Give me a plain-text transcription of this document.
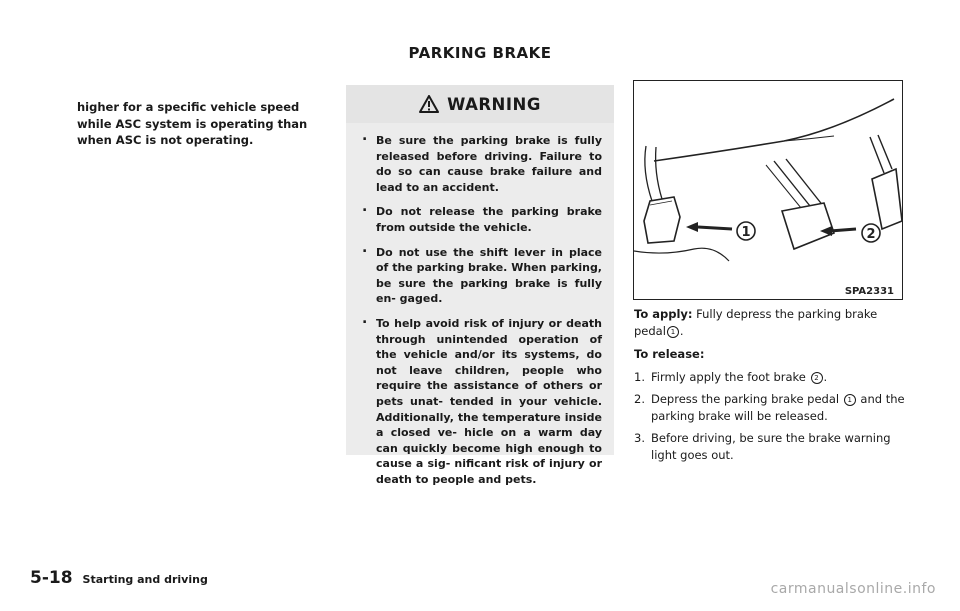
PARKING BRAKE
higher for a specific vehicle speed while ASC system is operating than when ASC is not operating.
WARNING
. Be sure the parking brake is fully released before driving. Failure to do so can cause brake failure and lead to an accident.
. Do not release the parking brake from outside the vehicle.
. Do not use the shift lever in place of the parking brake. When parking, be sure the parking brake is fully en- gaged.
. To help avoid risk of injury or death through unintended operation of the vehicle and/or its systems, do not leave children, people who require the assistance of others or pets unat- tended in your vehicle. Additionally, the temperature inside a closed ve- hicle on a warm day can quickly become high enough to cause a sig- nificant risk of injury or death to people and pets.
1	2
SPA2331

To apply: Fully depress the parking brake pedal 1 .

To release:

1. Firmly apply the foot brake 2 .
2. Depress the parking brake pedal 1 and the parking brake will be released.
3. Before driving, be sure the brake warning light goes out.
5-18 Starting and driving
carmanualsonline.info
